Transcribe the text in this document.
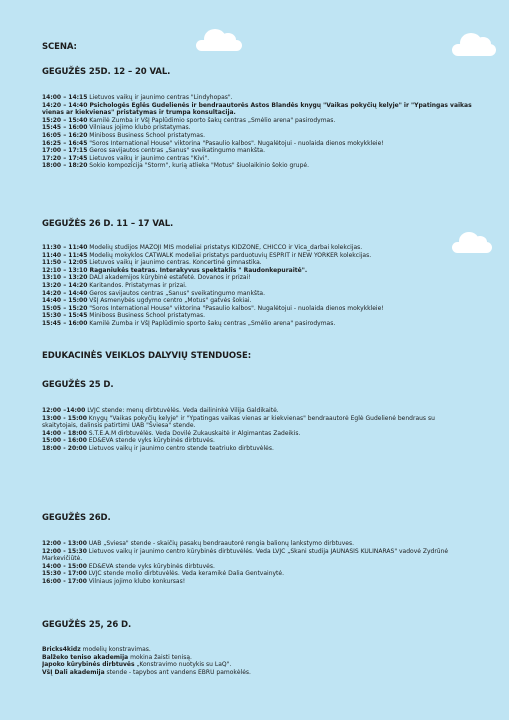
SCENA:
GEGUŽĖS 25D. 12 – 20 VAL.
14:00 – 14:15 Lietuvos vaikų ir jaunimo centras "Lindyhopas".
14:20 – 14:40 Psichologės Eglės Gudelienės ir bendraautorės Astos Blandės knygų "Vaikas pokyčių kelyje" ir "Ypatingas vaikas vienas ar kiekvienas" pristatymas ir trumpa konsultacija.
15:20 – 15:40 Kamilė Zumba ir VšĮ Paplūdimio sporto šakų centras „Smėlio arena" pasirodymas.
15:45 – 16:00 Vilniaus jojimo klubo pristatymas.
16:05 – 16:20 Miniboss Business School pristatymas.
16:25 – 16:45 "Soros International House" viktorina "Pasaulio kalbos". Nugalėtojui - nuolaida dienos mokykkleie!
17:00 – 17:15 Geros savijautos centras „Sanus" sveikatingumo mankšta.
17:20 – 17:45 Lietuvos vaikų ir jaunimo centras "Kivi".
18:00 – 18:20 Šokio kompozicija "Storm", kurią atlieka "Motus" šiuolaikinio šokio grupė.
GEGUŽĖS 26 D. 11 – 17 VAL.
11:30 – 11:40 Modelių studijos MAŽOJI MIS modeliai pristatys KIDZONE, CHICCO ir Vica_darbai kolekcijas.
11:40 – 11:45 Modelių mokyklos CATWALK modeliai pristatys parduotuvių ESPRIT ir NEW YORKER kolekcijas.
11:50 – 12:05 Lietuvos vaikų ir jaunimo centras. Koncertinė gimnastika.
12:10 – 13:10 Raganiukės teatras. Interakyvus spektaklis " Raudonkepuraitė".
13:10 – 13:20 DALI akademijos kūrybinė estafetė. Dovanos ir prizai!
13:20 – 14:20 Karitandos. Pristatymas ir prizai.
14:20 – 14:40 Geros savijautos centras „Sanus" sveikatingumo mankšta.
14:40 – 15:00 VšĮ Asmenybės ugdymo centro „Motus" gatvės šokiai.
15:05 – 15:20 "Soros International House" viktorina "Pasaulio kalbos". Nugalėtojui - nuolaida dienos mokykkleie!
15:30 – 15:45 Miniboss Business School pristatymas.
15:45 – 16:00 Kamilė Zumba ir VšĮ Paplūdimio sporto šakų centras „Smėlio arena" pasirodymas.
EDUKACINĖS VEIKLOS DALYVIŲ STENDUOSE:
GEGUŽĖS 25 D.
12:00 –14:00 LVJC stende: menų dirbtuvėlės. Veda dailininkė Vilija Galdikaitė.
13:00 - 15:00 Knygų "Vaikas pokyčių kelyje" ir "Ypatingas vaikas vienas ar kiekvienas" bendraautorė Eglė Gudelienė bendraus su skaitytojais, dalinsis patirtimi UAB "Šviesa" stende.
14:00 - 18:00 S.T.E.A.M dirbtuvėlės. Veda Dovilė Žukauskaitė ir Algimantas Žadeikis.
15:00 - 16:00 ED&EVA stende vyks kūrybinės dirbtuvės.
18:00 - 20:00 Lietuvos vaikų ir jaunimo centro stende teatriuko dirbtuvėlės.
GEGUŽĖS 26D.
12:00 - 13:00 UAB „Šviesa" stende - skaičių pasakų bendraautorė rengia balionų lankstymo dirbtuves.
12:00 - 15:30 Lietuvos vaikų ir jaunimo centro kūrybinės dirbtuvėlės. Veda LVJC „Skani studija JAUNASIS KULINARAS" vadovė Žydrūnė Markevičiūtė.
14:00 - 15:00 ED&EVA stende vyks kūrybinės dirbtuvės.
15:30 - 17:00 LVJC stende molio dirbtuvėlės. Veda keramikė Dalia Gentvainytė.
16:00 - 17:00 Vilniaus jojimo klubo konkursas!
GEGUŽĖS 25, 26 D.
Bricks4kidz modelių konstravimas.
Balžeko teniso akademija mokina žaisti tenisą.
Japoko kūrybinės dirbtuvės „Konstravimo nuotykis su LaQ".
VšĮ Dali akademija stende - tapybos ant vandens EBRU pamokėlės.
